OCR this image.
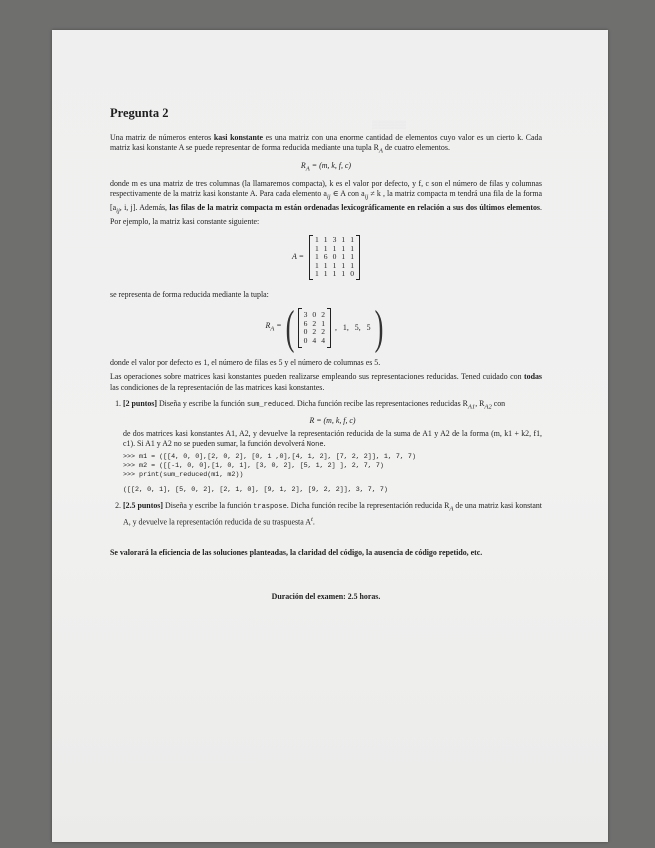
▒▒▒▒▒▒
Pregunta 2

Una matriz de números enteros kasi konstante es una matriz con una enorme cantidad de elementos cuyo valor es un cierto k. Cada matriz kasi konstante A se puede representar de forma reducida mediante una tupla $R_A$ de cuatro elementos.

$R_A = (m$, k, f, c)

donde m es una matriz de tres columnas (la llamaremos compacta), k es el valor por defecto, y f, c son el número de filas y columnas respectivamente de la matriz kasi konstante A. Para cada elemento $a_{ij}$ ∈ A con $a_{ij} \ne k$ , la matriz compacta m tendrá una fila de la forma [$a_{ij}$, i, j]. Además, las filas de la matriz compacta m están ordenadas lexicográficamente en relación a sus dos últimos elementos. Por ejemplo, la matriz kasi constante siguiente:

A =
1 1 3 1 1
1 1 1 1 1
1 6 0 1 1
1 1 1 1 1
1 1 1 1 0

se representa de forma reducida mediante la tupla:

$R_A$ = ( 3 0 2
6 2 1
0 2 2
0 4 4
,   1,   5,   5 )

donde el valor por defecto es 1, el número de filas es 5 y el número de columnas es 5.

Las operaciones sobre matrices kasi konstantes pueden realizarse empleando sus representaciones reducidas. Tened cuidado con todas las condiciones de la representación de las matrices kasi konstantes.

1. [2 puntos] Diseña y escribe la función sum_reduced. Dicha función recibe las representaciones reducidas $R_{A1}$, $R_{A2}$ con
R = (m, k, f, c)
de dos matrices kasi konstantes A1, A2, y devuelve la representación reducida de la suma de A1 y A2 de la forma (m, k1 + k2, f1, c1). Si A1 y A2 no se pueden sumar, la función devolverá None.
>>> m1 = ([[4, 0, 0],[2, 0, 2], [0, 1 ,0],[4, 1, 2], [7, 2, 2]], 1, 7, 7)
>>> m2 = ([[-1, 0, 0],[1, 0, 1], [3, 0, 2], [5, 1, 2] ], 2, 7, 7)
>>> print(sum_reduced(m1, m2))
([[2, 0, 1], [5, 0, 2], [2, 1, 0], [9, 1, 2], [9, 2, 2]], 3, 7, 7)
2. [2.5 puntos] Diseña y escribe la función traspose. Dicha función recibe la representación reducida $R_A$ de una matriz kasi konstant A, y devuelve la representación reducida de su traspuesta $A^t$.

Se valorará la eficiencia de las soluciones planteadas, la claridad del código, la ausencia de código repetido, etc.

Duración del examen: 2.5 horas.
